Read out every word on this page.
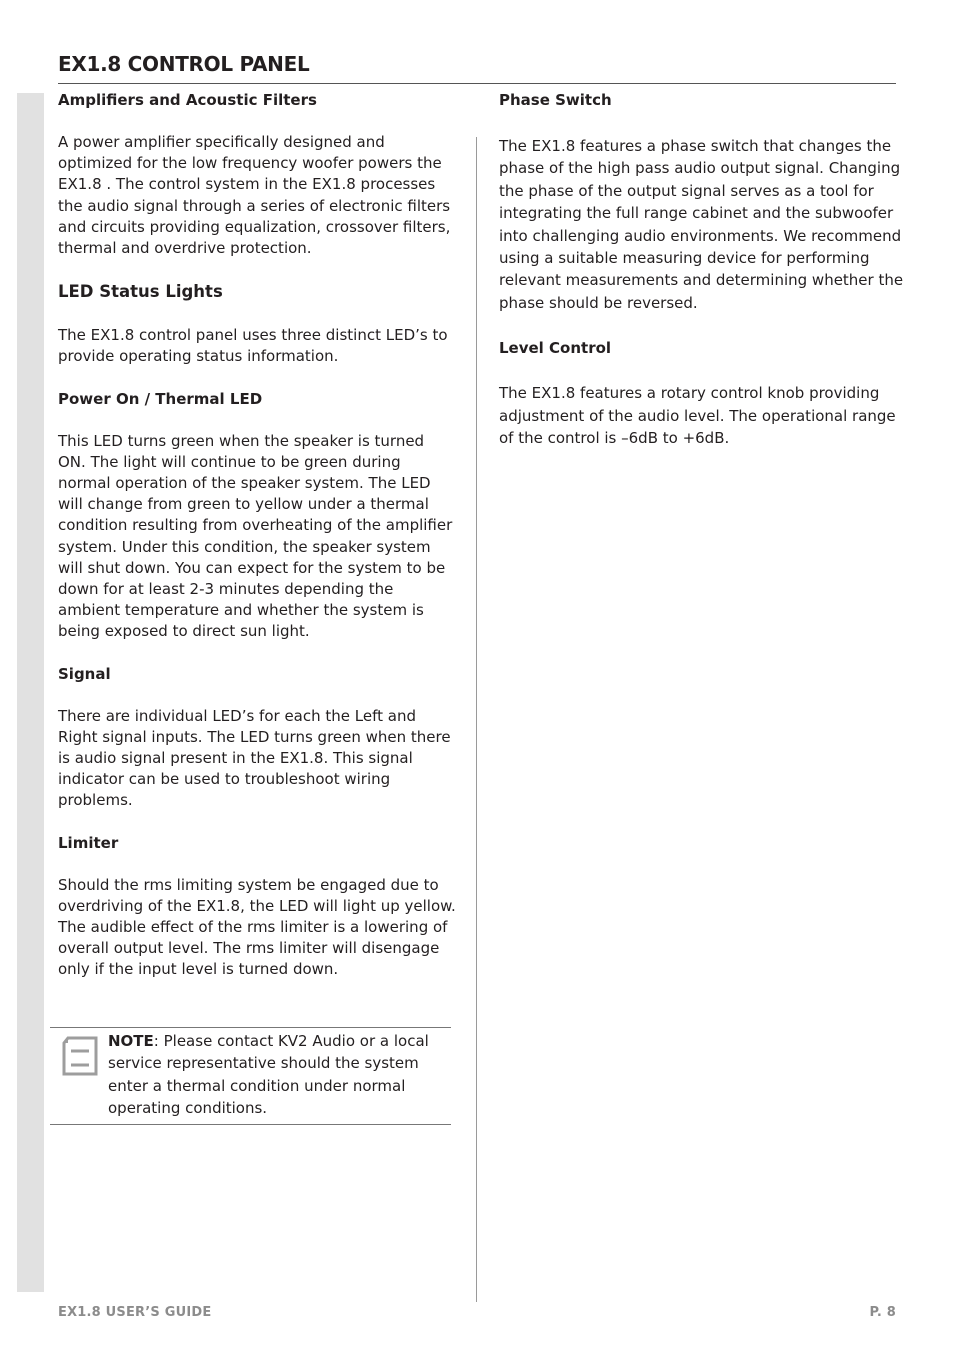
EX1.8 CONTROL PANEL
Amplifiers and Acoustic Filters

A power amplifier specifically designed and optimized for the low frequency woofer powers the EX1.8 . The control system in the EX1.8 processes the audio signal through a series of electronic filters and circuits providing equalization, crossover filters, thermal and overdrive protection.

LED Status Lights

The EX1.8 control panel uses three distinct LED’s to provide operating status information.

Power On / Thermal LED

This LED turns green when the speaker is turned ON. The light will continue to be green during normal operation of the speaker system. The LED will change from green to yellow under a thermal condition resulting from overheating of the amplifier system. Under this condition, the speaker system will shut down. You can expect for the system to be down for at least 2-3 minutes depending the ambient temperature and whether the system is being exposed to direct sun light.

Signal

There are individual LED’s for each the Left and Right signal inputs. The LED turns green when there is audio signal present in the EX1.8. This signal indicator can be used to troubleshoot wiring problems.

Limiter

Should the rms limiting system be engaged due to overdriving of the EX1.8, the LED will light up yellow. The audible effect of the rms limiter is a lowering of overall output level. The rms limiter will disengage only if the input level is turned down.

NOTE: Please contact KV2 Audio or a local service representative should the system enter a thermal condition under normal operating conditions.
Phase Switch

The EX1.8 features a phase switch that changes the phase of the high pass audio output signal. Changing the phase of the output signal serves as a tool for integrating the full range cabinet and the subwoofer into challenging audio environments. We recommend using a suitable measuring device for performing relevant measurements and determining whether the phase should be reversed.

Level Control

The EX1.8 features a rotary control knob providing adjustment of the audio level. The operational range of the control is –6dB to +6dB.

EX1.8 USER’S GUIDE	P. 8
